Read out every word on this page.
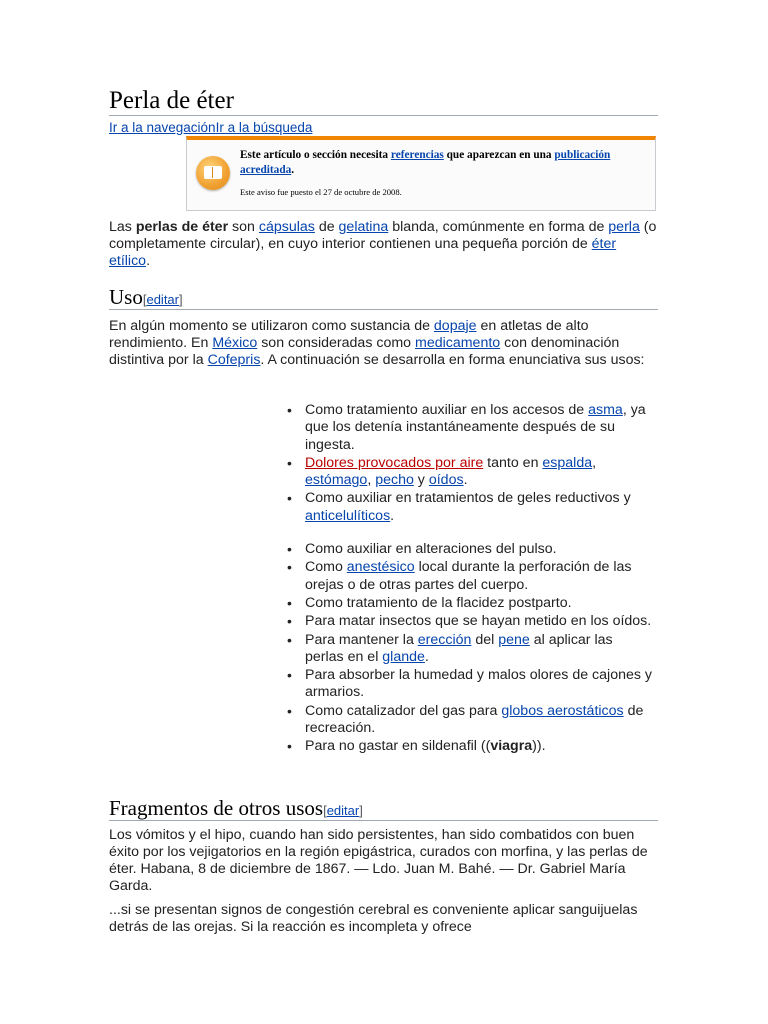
Perla de éter
Ir a la navegaciónIr a la búsqueda
Este artículo o sección necesita referencias que aparezcan en una publicación acreditada.
Este aviso fue puesto el 27 de octubre de 2008.

Las perlas de éter son cápsulas de gelatina blanda, comúnmente en forma de perla (o completamente circular), en cuyo interior contienen una pequeña porción de éter etílico.

Uso[editar]

En algún momento se utilizaron como sustancia de dopaje en atletas de alto rendimiento. En México son consideradas como medicamento con denominación distintiva por la Cofepris. A continuación se desarrolla en forma enunciativa sus usos:

• Como tratamiento auxiliar en los accesos de asma, ya que los detenía instantáneamente después de su ingesta.
• Dolores provocados por aire tanto en espalda, estómago, pecho y oídos.
• Como auxiliar en tratamientos de geles reductivos y anticelulíticos.
• Como auxiliar en alteraciones del pulso.
• Como anestésico local durante la perforación de las orejas o de otras partes del cuerpo.
• Como tratamiento de la flacidez postparto.
• Para matar insectos que se hayan metido en los oídos.
• Para mantener la erección del pene al aplicar las perlas en el glande.
• Para absorber la humedad y malos olores de cajones y armarios.
• Como catalizador del gas para globos aerostáticos de recreación.
• Para no gastar en sildenafil ((viagra)).
Fragmentos de otros usos[editar]

Los vómitos y el hipo, cuando han sido persistentes, han sido combatidos con buen éxito por los vejigatorios en la región epigástrica, curados con morfina, y las perlas de éter. Habana, 8 de diciembre de 1867. — Ldo. Juan M. Bahé. — Dr. Gabriel María Garda.

...si se presentan signos de congestión cerebral es conveniente aplicar sanguijuelas detrás de las orejas. Si la reacción es incompleta y ofrece
